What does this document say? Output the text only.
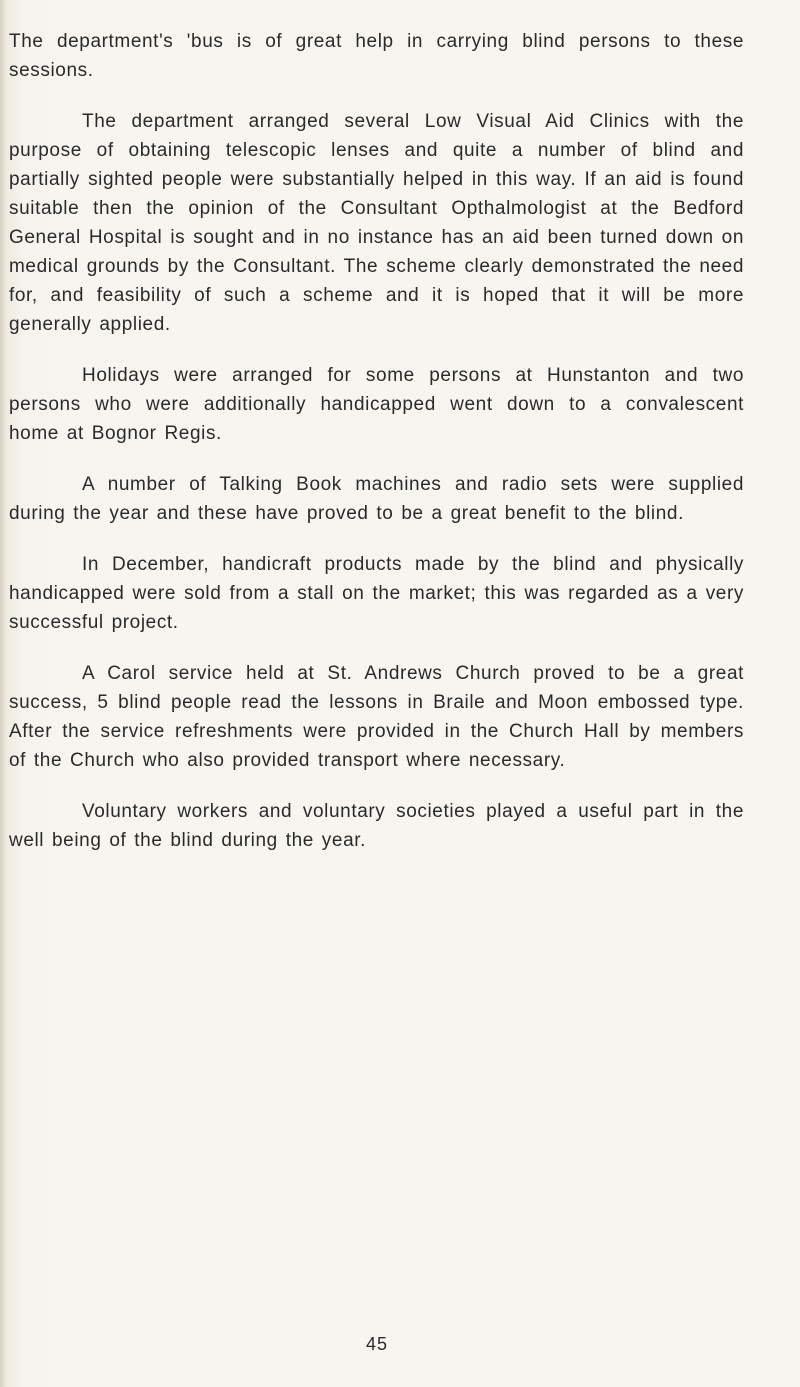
The department's 'bus is of great help in carrying blind persons to these sessions.

The department arranged several Low Visual Aid Clinics with the purpose of obtaining telescopic lenses and quite a number of blind and partially sighted people were substantially helped in this way. If an aid is found suitable then the opinion of the Consultant Opthalmologist at the Bedford General Hospital is sought and in no instance has an aid been turned down on medical grounds by the Consultant. The scheme clearly demonstrated the need for, and feasibility of such a scheme and it is hoped that it will be more generally applied.

Holidays were arranged for some persons at Hunstanton and two persons who were additionally handicapped went down to a convalescent home at Bognor Regis.

A number of Talking Book machines and radio sets were supplied during the year and these have proved to be a great benefit to the blind.

In December, handicraft products made by the blind and physically handicapped were sold from a stall on the market; this was regarded as a very successful project.

A Carol service held at St. Andrews Church proved to be a great success, 5 blind people read the lessons in Braile and Moon embossed type. After the service refreshments were provided in the Church Hall by members of the Church who also provided transport where necessary.

Voluntary workers and voluntary societies played a useful part in the well being of the blind during the year.

45
